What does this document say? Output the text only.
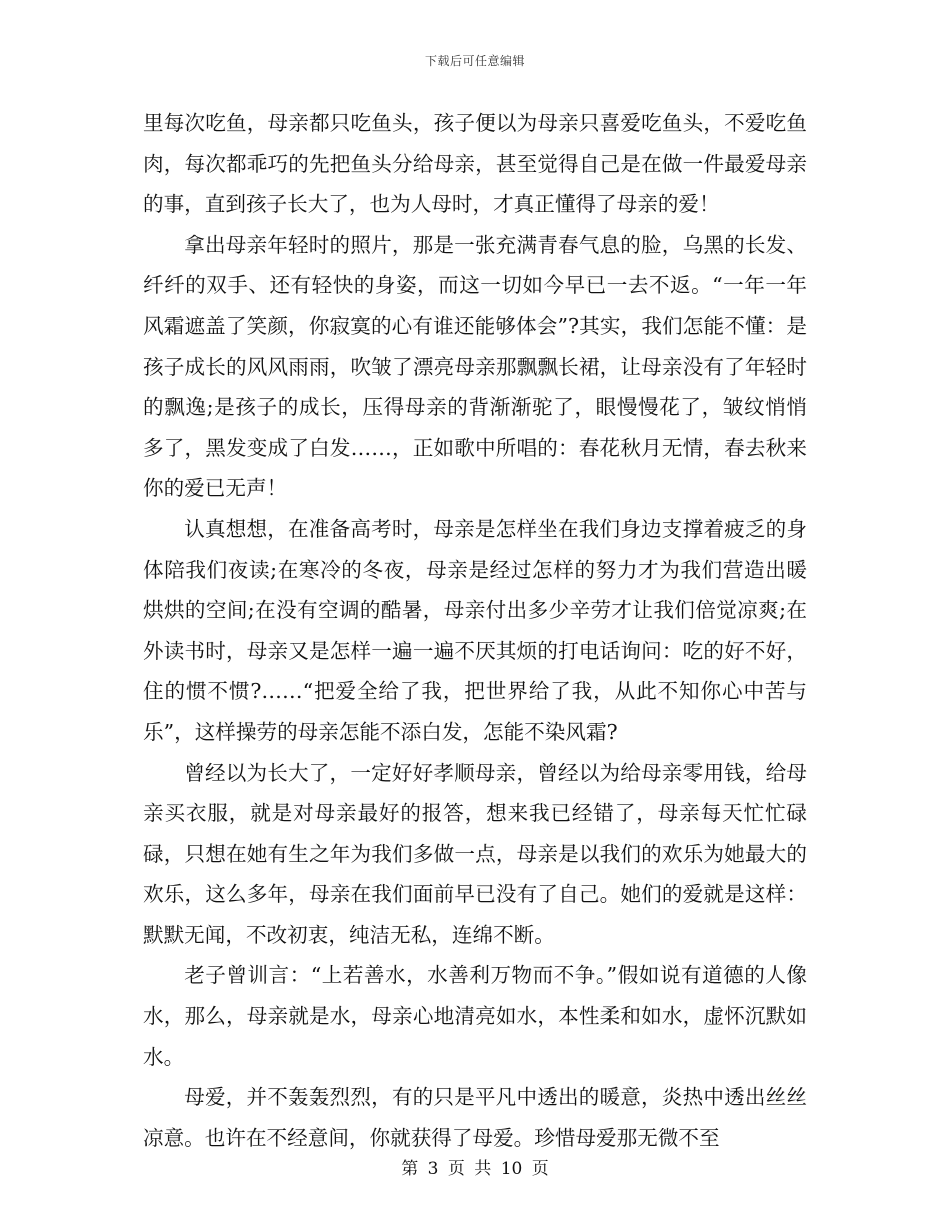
下载后可任意编辑

里每次吃鱼，母亲都只吃鱼头，孩子便以为母亲只喜爱吃鱼头，不爱吃鱼肉，每次都乖巧的先把鱼头分给母亲，甚至觉得自己是在做一件最爱母亲的事，直到孩子长大了，也为人母时，才真正懂得了母亲的爱！

拿出母亲年轻时的照片，那是一张充满青春气息的脸，乌黑的长发、纤纤的双手、还有轻快的身姿，而这一切如今早已一去不返。“一年一年风霜遮盖了笑颜，你寂寞的心有谁还能够体会”?其实，我们怎能不懂：是孩子成长的风风雨雨，吹皱了漂亮母亲那飘飘长裙，让母亲没有了年轻时的飘逸;是孩子的成长，压得母亲的背渐渐驼了，眼慢慢花了，皱纹悄悄多了，黑发变成了白发……，正如歌中所唱的：春花秋月无情，春去秋来你的爱已无声！

认真想想，在准备高考时，母亲是怎样坐在我们身边支撑着疲乏的身体陪我们夜读;在寒冷的冬夜，母亲是经过怎样的努力才为我们营造出暖烘烘的空间;在没有空调的酷暑，母亲付出多少辛劳才让我们倍觉凉爽;在外读书时，母亲又是怎样一遍一遍不厌其烦的打电话询问：吃的好不好，住的惯不惯?……“把爱全给了我，把世界给了我，从此不知你心中苦与乐”，这样操劳的母亲怎能不添白发，怎能不染风霜?

曾经以为长大了，一定好好孝顺母亲，曾经以为给母亲零用钱，给母亲买衣服，就是对母亲最好的报答，想来我已经错了，母亲每天忙忙碌碌，只想在她有生之年为我们多做一点，母亲是以我们的欢乐为她最大的欢乐，这么多年，母亲在我们面前早已没有了自己。她们的爱就是这样：默默无闻，不改初衷，纯洁无私，连绵不断。

老子曾训言：“上若善水，水善利万物而不争。”假如说有道德的人像水，那么，母亲就是水，母亲心地清亮如水，本性柔和如水，虚怀沉默如水。

母爱，并不轰轰烈烈，有的只是平凡中透出的暖意，炎热中透出丝丝凉意。也许在不经意间，你就获得了母爱。珍惜母爱那无微不至

第 3 页 共 10 页
